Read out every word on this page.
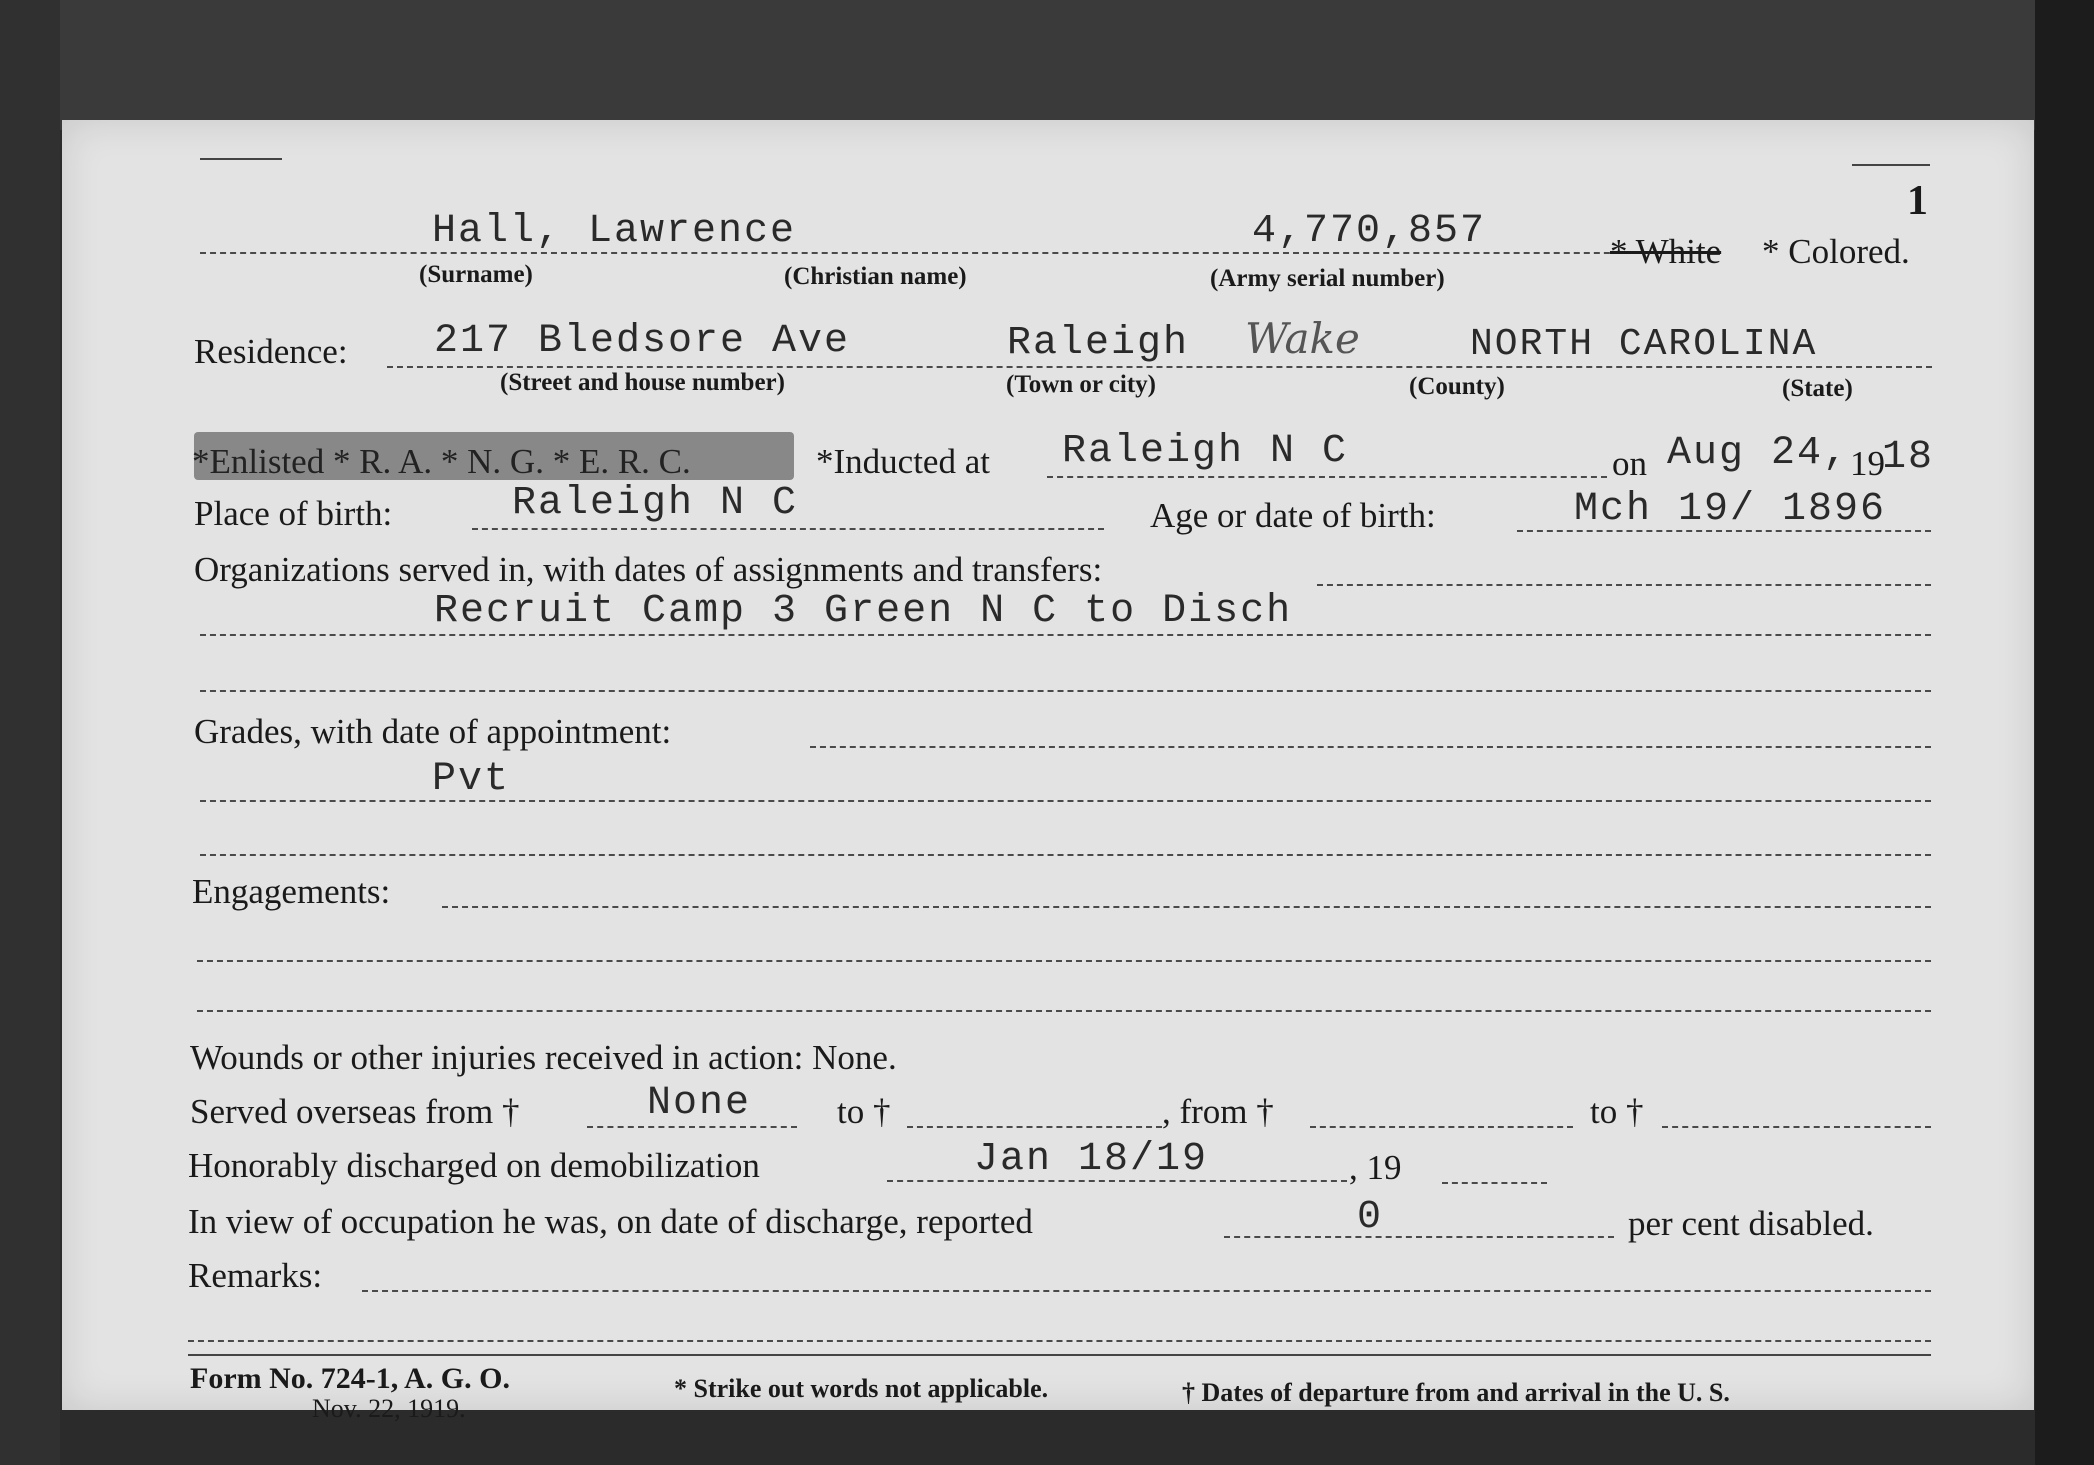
1
Hall, Lawrence	4,770,857	* White * Colored.
(Surname)	(Christian name)	(Army serial number)
Residence: 217 Bledsore Ave	Raleigh Wake	NORTH CAROLINA
(Street and house number)	(Town or city)	(County)	(State)
*Enlisted * R. A. * N. G. * E. R. C.	*Inducted at Raleigh N C	on Aug 24, 19
18
Place of birth:	Raleigh N C	Age or date of birth:	Mch 19/ 1896
Organizations served in, with dates of assignments and transfers:
Recruit Camp 3 Green N C to Disch
Grades, with date of appointment:
Pvt
Engagements:
Wounds or other injuries received in action: None.
Served overseas from †	None to †	, from †	to †
Honorably discharged on demobilization	Jan 18/19	, 19
In view of occupation he was, on date of discharge, reported	0	per cent disabled.
Remarks:
Form No. 724-1, A. G. O.
Nov. 22, 1919.
* Strike out words not applicable.	† Dates of departure from and arrival in the U. S.
